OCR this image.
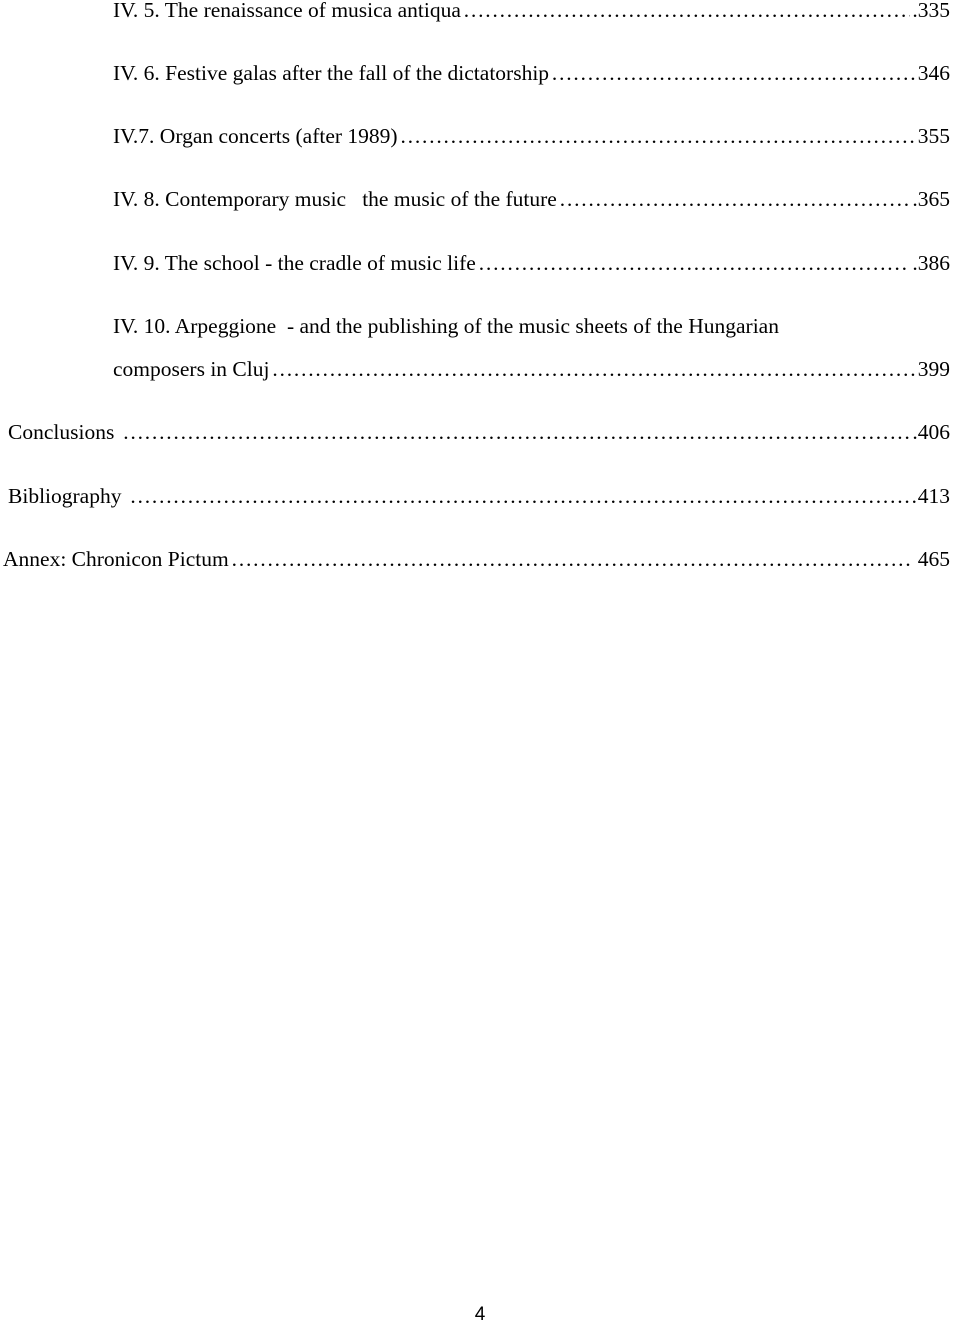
IV. 5. The renaissance of musica antiqua …………………………………………………………………………………………………………………………………………………………………………………………	.335
IV. 6. Festive galas after the fall of the dictatorship …………………………………………………………………………………………………………………………………………………………………………………………	346
IV.7. Organ concerts (after 1989) …………………………………………………………………………………………………………………………………………………………………………………………	355
IV. 8. Contemporary music   the music of the future …………………………………………………………………………………………………………………………………………………………………………………………	.365
IV. 9. The school - the cradle of music life …………………………………………………………………………………………………………………………………………………………………………………………	.386
IV. 10. Arpeggione  - and the publishing of the music sheets of the Hungarian
composers in Cluj …………………………………………………………………………………………………………………………………………………………………………………………	399
Conclusions …………………………………………………………………………………………………………………………………………………………………………………………	.406
Bibliography …………………………………………………………………………………………………………………………………………………………………………………………	413
Annex: Chronicon Pictum …………………………………………………………………………………………………………………………………………………………………………………………	465
4
